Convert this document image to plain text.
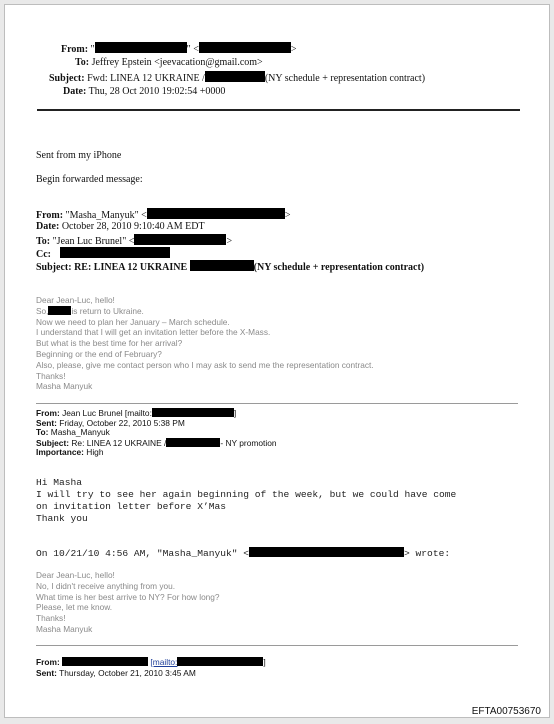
From: "	" <	>
To: Jeffrey Epstein <jeevacation@gmail.com>
Subject: Fwd: LINEA 12 UKRAINE /	(NY schedule + representation contract)
Date: Thu, 28 Oct 2010 19:02:54 +0000
Sent from my iPhone
Begin forwarded message:
From: "Masha_Manyuk" <	>
Date: October 28, 2010 9:10:40 AM EDT
To: "Jean Luc Brunel" <	>
Cc:
Subject: RE: LINEA 12 UKRAINE	(NY schedule + representation contract)
Dear Jean-Luc, hello!
So,	is return to Ukraine.
Now we need to plan her January – March schedule.
I understand that I will get an invitation letter before the X-Mass.
But what is the best time for her arrival?
Beginning or the end of February?
Also, please, give me contact person who I may ask to send me the representation contract.
Thanks!
Masha Manyuk
From: Jean Luc Brunel [mailto:	]
Sent: Friday, October 22, 2010 5:38 PM
To: Masha_Manyuk
Subject: Re: LINEA 12 UKRAINE /	- NY promotion
Importance: High
Hi Masha
I will try to see her again beginning of the week, but we could have come
on invitation letter before X’Mas
Thank you
On 10/21/10 4:56 AM, "Masha_Manyuk" <	> wrote:
Dear Jean-Luc, hello!
No, I didn't receive anything from you.
What time is her best arrive to NY? For how long?
Please, let me know.
Thanks!
Masha Manyuk
From:	[mailto:	]
Sent: Thursday, October 21, 2010 3:45 AM
EFTA00753670
